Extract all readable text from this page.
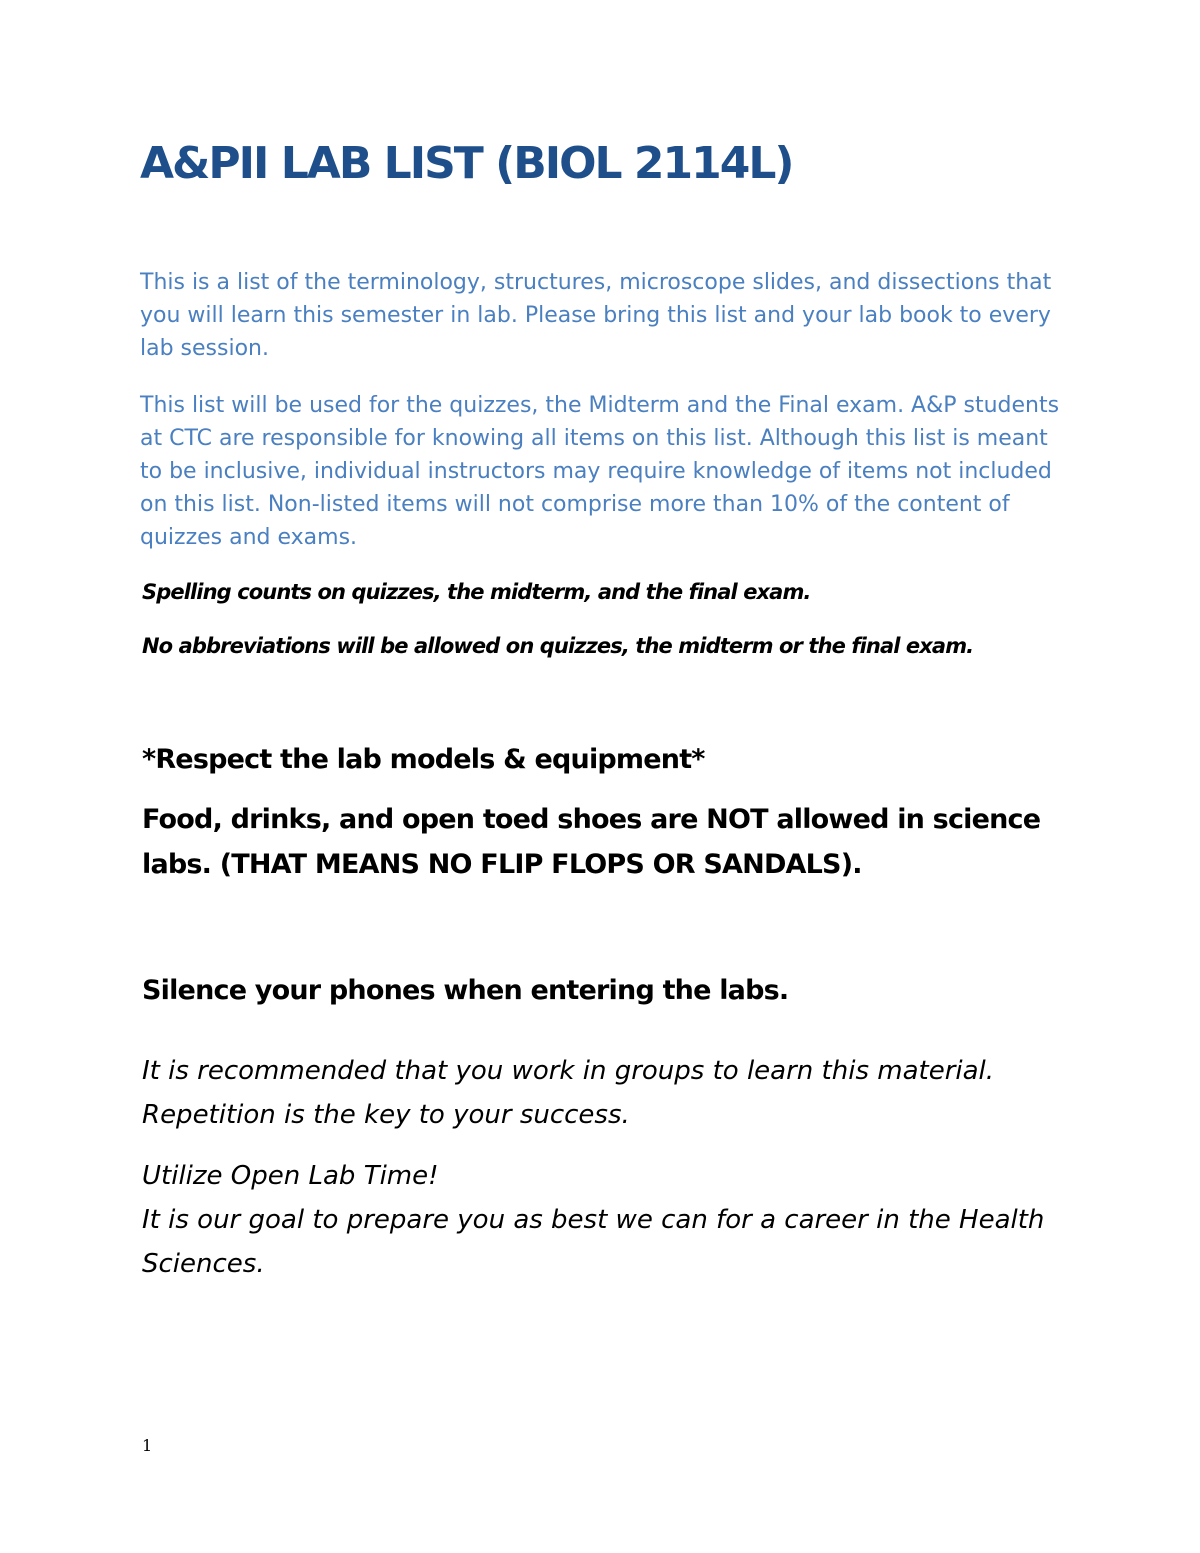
A&PII LAB LIST (BIOL 2114L)

This is a list of the terminology, structures, microscope slides, and dissections that you will learn this semester in lab. Please bring this list and your lab book to every lab session.

This list will be used for the quizzes, the Midterm and the Final exam. A&P students at CTC are responsible for knowing all items on this list. Although this list is meant to be inclusive, individual instructors may require knowledge of items not included on this list. Non-listed items will not comprise more than 10% of the content of quizzes and exams.

Spelling counts on quizzes, the midterm, and the final exam.

No abbreviations will be allowed on quizzes, the midterm or the final exam.

*Respect the lab models & equipment*

Food, drinks, and open toed shoes are NOT allowed in science labs. (THAT MEANS NO FLIP FLOPS OR SANDALS).

Silence your phones when entering the labs.

It is recommended that you work in groups to learn this material. Repetition is the key to your success.

Utilize Open Lab Time!
It is our goal to prepare you as best we can for a career in the Health Sciences.
1
